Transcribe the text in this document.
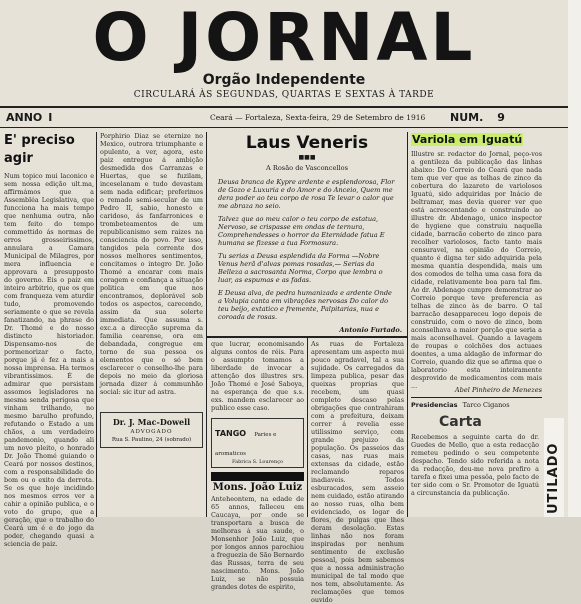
O JORNAL
Orgão Independente
CIRCULARÁ ÀS SEGUNDAS, QUARTAS E SEXTAS À TARDE
ANNO I	Ceará — Fortaleza, Sexta-feira, 29 de Setembro de 1916 NUM. 9
E' preciso agir
Num topico mui laconico e sem nossa edição ult.ma, affirmámos que a Assembléa Legislativa, que funcciona ha mais tempo que nenhuma outra, não tem feito do tempo commettido ás normas de erros grosseirissimos, annulara a Camara Municipal de Milagres, por mera influencia e approvara a presupposto do governo. Eis o paiz em inteiro arbitrio, que os que com franqueza vem aturdir tudo, promovendo seriamente o que se revela fanatizando, na phrase do Dr. Thomé e do nosso distincto historiador. Dispensamo-nos de pormenorizar o facto, porque já é fez a mais a nossa imprensa. Ha termos vibrantissimos. É de admirar que persistam assomos legisladores na mesma senda perigosa que vinham trilhando, no mesmo barulho profundo, refutando o Estado a um chãos, a um verdadeiro pandemonio, quando ali um novo pleito, o honrado Dr. João Thomé guiando o Ceará por nossos destinos, com a responsabilidade do bom ou o exito da derrota. Se os que hoje incidindo nos mesmos erros ver a cahir a opinião publica, e o voto do grupo, que a geração, que o trabalho do Ceará um é e do jogo da poder, chegando quasi a sciencia de paiz.
Porphirio Diaz se eternize no Mexico, outrora triumphante e opulento, a ver, agora, este paiz entregue á ambição desmedida dos Carranzas e Huertas, que se fuzilam, inceselanam e tudo devastam sem nada edificar; preferimos o remado semi-secular de um Pedro II, sabio, honesto e caridoso, ás fanfarronices e trombeteamentos de um republicanismo sem raizes na consciencia do povo. Por isso, tangidos pela corrente dos nossos melhores sentimentos, concitamos o integro Dr. João Thomé a encarar com mais coragem e confiança a situação politica em que nos encontramos, deplorável sob todos os aspectos, carecendo, assim da sua solerte immediata. Que assuma s. exc.a a direcção suprema da familia cearense, ora em debandada, congregue em torno de sua pessoa os elementos que o só bem esclarecer o conselho-lhe para depois no meio da gloriosa jornada dizer á communhão social: sic itur ad astra.
Dr. J. Mac-Dowell
ADVOGADO
Rua S. Paulino, 24 (sobrado)
Laus Veneris
■■■
A Rosão de Vasconcellos
Deusa branca de Kypre ardente e esplendorosa, Flor de Gozo e Luxuria e do Amor e do Anceio, Quem me dera poder ao teu corpo de rosa Te levar o calor que me abraza no seio.
Talvez que ao meu calor o teu corpo de estatua, Nervoso, se crispasse em ondas de ternura, Comprehendesses o horror da Eternidade fatua E humana se fizesse a tua Formosura.
Tu serias a Deusa esplendida da Forma —Nobre Venus herã d'alvas pomas rosadas,— Serias da Belleza a sacrosanta Norma, Corpo que lembra o luar, as espumas e as fadas.
E Deusa alva, de pedra humanizada e ardente Onde a Volupia canta em vibrações nervosas Do calor do teu beijo, extatico e fremente, Palpitarias, nua e coroada de rosas.
Antonio Furtado.
que lucrar, economisando alguns contos de réis. Para o assumpto tomamos a liberdade de invocar a attenção dos illustres srs. João Thomé e José Saboya, na esperança de que s.s. exs. mandem esclarecer ao publico esse caso.
TANGO Paries e aromaticos
Fabrica S. Lourenço
Mons. João Luiz
Anteheontem, na edade de 65 annos, falleceu em Caucaya, por onde se transportara a busca de melhoras á sua saude, o Monsenhor João Luiz, que por longos annos parochiou a freguezia de São Bernardo das Russas, terra de seu nascimento. Mons. João Luiz, se não possuia grandes dotes de espirito,
As ruas de Fortaleza apresentam um aspecto mui pouco agradavel, tal a sua sujidade. Os carregados da limpeza publica, pesar das queixas proprias que recebem, um quasi completo descaso pelas obrigações que contrahiram com a prefeitura, deixam correr á revelia esse utilissimo serviço, com grande prejuizo da população. Os passeios das casas, nas ruas mais extensas da cidade, estão reclamando reparos inadiaveis. Todos esburacados, sem asseio nem cuidado, estão atirando ao nosso ruas, olha bem evidenciado, os logar de flores, de pulgas que lhes deram desolação. Estas linhas não nos foram inspiradas por nenhum sentimento de exclusão pessoal, pois bem sabemos que a nossa administração municipal de tal modo que nos tem, absolutamente. As reclamações que temos ouvido
Variola em Iguatú
Illustre sr. redactor do Jornal, peço-vos a gentileza da publicação das linhas abaixo: Do Correio do Ceará que nada tem que ver que as telhas de zinco da cobertura do lazareto de variolosos Iguatú, sido adquiridas por Inácio de beltramar, mas devia querer ver que está acrescentando e construindo ao illustre dr. Abdenago, unico inspector de hygiene que construiu naquella cidade, barracão coberto de zinco para recolher variolosos, facto tanto mais censuravel, na opinião do Correio, quanto é digna ter sido adquirida pela mesma quantia despendida, mais um dos comodos de telha uma casa fora da cidade, relativamente boa para tal fim. Ao dr. Abdenago cumpre demonstrar ao Correio porque teve preferencia as telhas de zinco às de barro. O tal barracão desappareceu logo depois de construido, com o novo de zinco, bom aconselhava a maior porção que seria a mais aconselhavel. Quando a lavagem de roupas e colchões dos actuaes doentes, a uma aldagão de informar do Correio, quando diz que se afirma que o laboratorio esta inteiramente desprovido de medicamentos com mais ...	Abel Pinheiro de Menezes
Presidencias Tarco Ciganos
Carta
Recebemos a seguinte carta do dr. Guedes de Mello, que a esta redacção remeteu pedindo o seu competente despacho. Tendo sido referida a nota da redacção, deu-me nova prefiro a tarefa e fixei uma pessôa, pelo facto de ter sido com o Sr. Promotor de Iguatú a circunstancia da publicação.	UTILADO
